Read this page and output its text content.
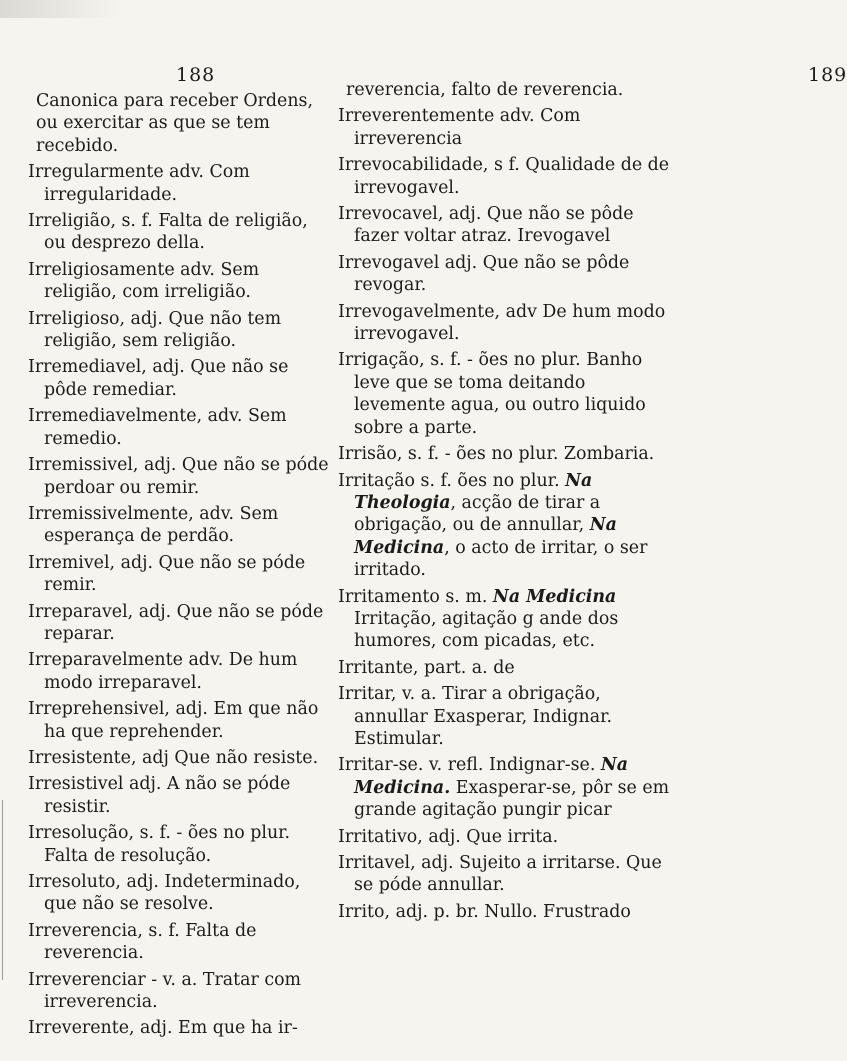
188
Canonica para receber Ordens, ou exercitar as que se tem recebido.
Irregularmente adv. Com irregularidade.
Irreligião, s. f. Falta de religião, ou desprezo della.
Irreligiosamente adv. Sem religião, com irreligião.
Irreligioso, adj. Que não tem religião, sem religião.
Irremediavel, adj. Que não se pôde remediar.
Irremediavelmente, adv. Sem remedio.
Irremissivel, adj. Que não se póde perdoar ou remir.
Irremissivelmente, adv. Sem esperança de perdão.
Irremivel, adj. Que não se póde remir.
Irreparavel, adj. Que não se póde reparar.
Irreparavelmente adv. De hum modo irreparavel.
Irreprehensivel, adj. Em que não ha que reprehender.
Irresistente, adj Que não resiste.
Irresistivel adj. A não se póde resistir.
Irresolução, s. f. - ões no plur. Falta de resolução.
Irresoluto, adj. Indeterminado, que não se resolve.
Irreverencia, s. f. Falta de reverencia.
Irreverenciar - v. a. Tratar com irreverencia.
Irreverente, adj. Em que ha ir-
189
reverencia, falto de reverencia.
Irreverentemente adv. Com irreverencia
Irrevocabilidade, s f. Qualidade de de irrevogavel.
Irrevocavel, adj. Que não se pôde fazer voltar atraz. Irevogavel
Irrevogavel adj. Que não se pôde revogar.
Irrevogavelmente, adv De hum modo irrevogavel.
Irrigação, s. f. - ões no plur. Banho leve que se toma deitando levemente agua, ou outro liquido sobre a parte.
Irrisão, s. f. - ões no plur. Zombaria.
Irritação s. f. ões no plur. Na Theologia, acção de tirar a obrigação, ou de annullar, Na Medicina, o acto de irritar, o ser irritado.
Irritamento s. m. Na Medicina Irritação, agitação g ande dos humores, com picadas, etc.
Irritante, part. a. de
Irritar, v. a. Tirar a obrigação, annullar Exasperar, Indignar. Estimular.
Irritar-se. v. refl. Indignar-se. Na Medicina. Exasperar-se, pôr se em grande agitação pungir picar
Irritativo, adj. Que irrita.
Irritavel, adj. Sujeito a irritarse. Que se póde annullar.
Irrito, adj. p. br. Nullo. Frustrado
